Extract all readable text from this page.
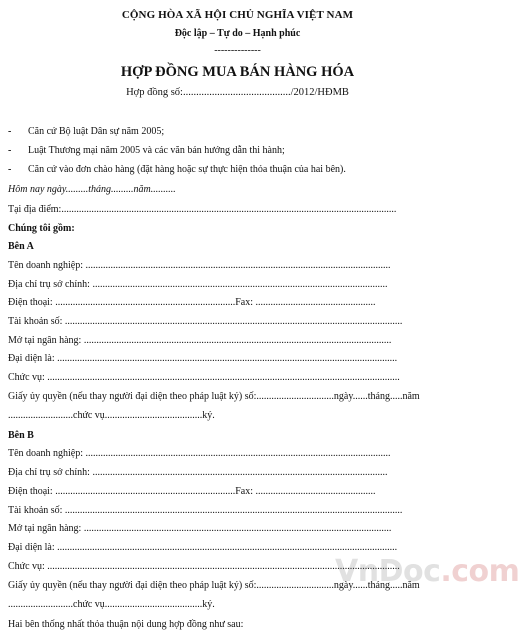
CỘNG HÒA XÃ HỘI CHỦ NGHĨA VIỆT NAM
Độc lập – Tự do – Hạnh phúc
--------------
HỢP ĐỒNG MUA BÁN HÀNG HÓA
Hợp đồng số:........................................./2012/HĐMB
- Căn cứ Bộ luật Dân sự năm 2005;
- Luật Thương mại năm 2005 và các văn bản hướng dẫn thi hành;
- Căn cứ vào đơn chào hàng (đặt hàng hoặc sự thực hiện thỏa thuận của hai bên).
Hôm nay ngày.........tháng.........năm..........
Tại địa điểm:......................................................................................................................................
Chúng tôi gồm:
Bên A
Tên doanh nghiệp: ..........................................................................................................................
Địa chỉ trụ sở chính: ......................................................................................................................
Điện thoại: ........................................................................Fax: ................................................
Tài khoản số: .......................................................................................................................................
Mở tại ngân hàng: ...........................................................................................................................
Đại diện là: ........................................................................................................................................
Chức vụ: .............................................................................................................................................
Giấy ủy quyền (nếu thay người đại diện theo pháp luật ký) số:...............................ngày......tháng.....năm
..........................chức vụ.......................................ký.
Bên B
Tên doanh nghiệp: ..........................................................................................................................
Địa chỉ trụ sở chính: ......................................................................................................................
Điện thoại: ........................................................................Fax: ................................................
Tài khoản số: .......................................................................................................................................
Mở tại ngân hàng: ...........................................................................................................................
Đại diện là: ........................................................................................................................................
Chức vụ: .............................................................................................................................................
Giấy ủy quyền (nếu thay người đại diện theo pháp luật ký) số:...............................ngày......tháng.....năm
..........................chức vụ.......................................ký.
Hai bên thống nhất thỏa thuận nội dung hợp đồng như sau:
VnDoc.com
